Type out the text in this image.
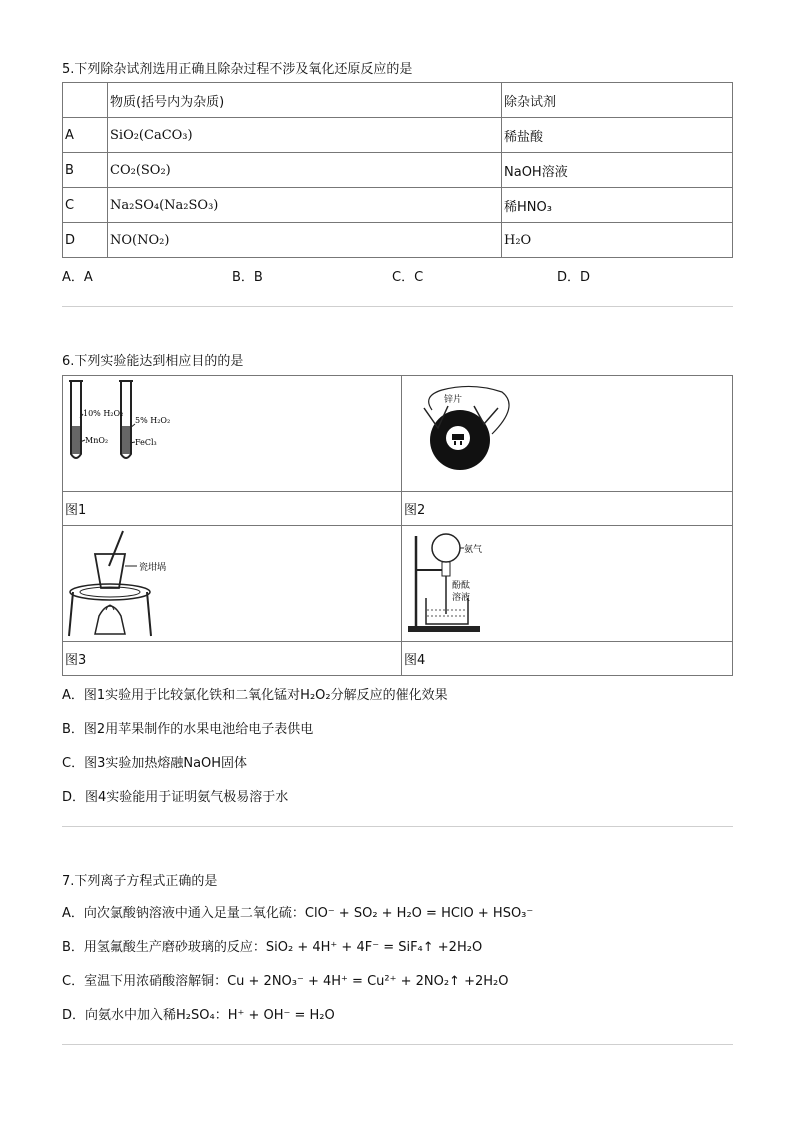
5.下列除杂试剂选用正确且除杂过程不涉及氧化还原反应的是
	物质(括号内为杂质)	除杂试剂
A	SiO₂(CaCO₃)	稀盐酸
B	CO₂(SO₂)	NaOH溶液
C	Na₂SO₄(Na₂SO₃)	稀HNO₃
D	NO(NO₂)	H₂O
A．A	B．B	C．C	D．D
6.下列实验能达到相应目的的是
10% H₂O₂
MnO₂
5% H₂O₂
FeCl₃	锌片

图1	图2

瓷坩埚	氨气
酚酞
溶液

图3	图4
A．图1实验用于比较氯化铁和二氧化锰对H₂O₂分解反应的催化效果
B．图2用苹果制作的水果电池给电子表供电
C．图3实验加热熔融NaOH固体
D．图4实验能用于证明氨气极易溶于水
7.下列离子方程式正确的是
A．向次氯酸钠溶液中通入足量二氧化硫：ClO⁻ + SO₂ + H₂O = HClO + HSO₃⁻
B．用氢氟酸生产磨砂玻璃的反应：SiO₂ + 4H⁺ + 4F⁻ = SiF₄↑ +2H₂O
C．室温下用浓硝酸溶解铜：Cu + 2NO₃⁻ + 4H⁺ = Cu²⁺ + 2NO₂↑ +2H₂O
D．向氨水中加入稀H₂SO₄：H⁺ + OH⁻ = H₂O
